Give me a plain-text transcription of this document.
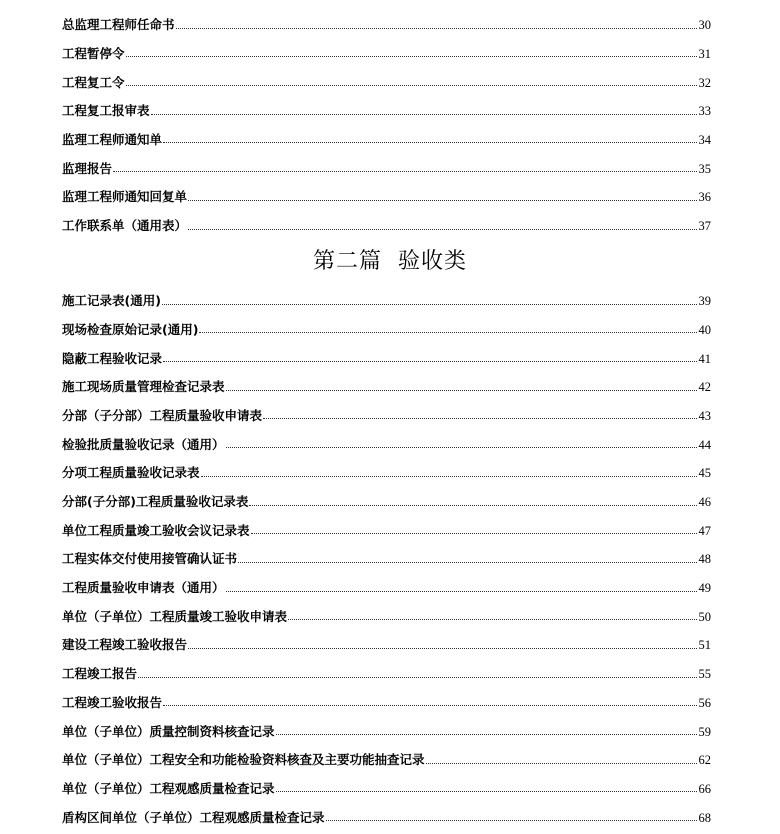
总监理工程师任命书	30
工程暂停令	31
工程复工令	32
工程复工报审表	33
监理工程师通知单	34
监理报告	35
监理工程师通知回复单	36
工作联系单（通用表）	37
第二篇 验收类
施工记录表(通用)	39
现场检查原始记录(通用)	40
隐蔽工程验收记录	41
施工现场质量管理检查记录表	42
分部（子分部）工程质量验收申请表	43
检验批质量验收记录（通用）	44
分项工程质量验收记录表	45
分部(子分部)工程质量验收记录表	46
单位工程质量竣工验收会议记录表	47
工程实体交付使用接管确认证书	48
工程质量验收申请表（通用）	49
单位（子单位）工程质量竣工验收申请表	50
建设工程竣工验收报告	51
工程竣工报告	55
工程竣工验收报告	56
单位（子单位）质量控制资料核查记录	59
单位（子单位）工程安全和功能检验资料核查及主要功能抽查记录	62
单位（子单位）工程观感质量检查记录	66
盾构区间单位（子单位）工程观感质量检查记录	68
